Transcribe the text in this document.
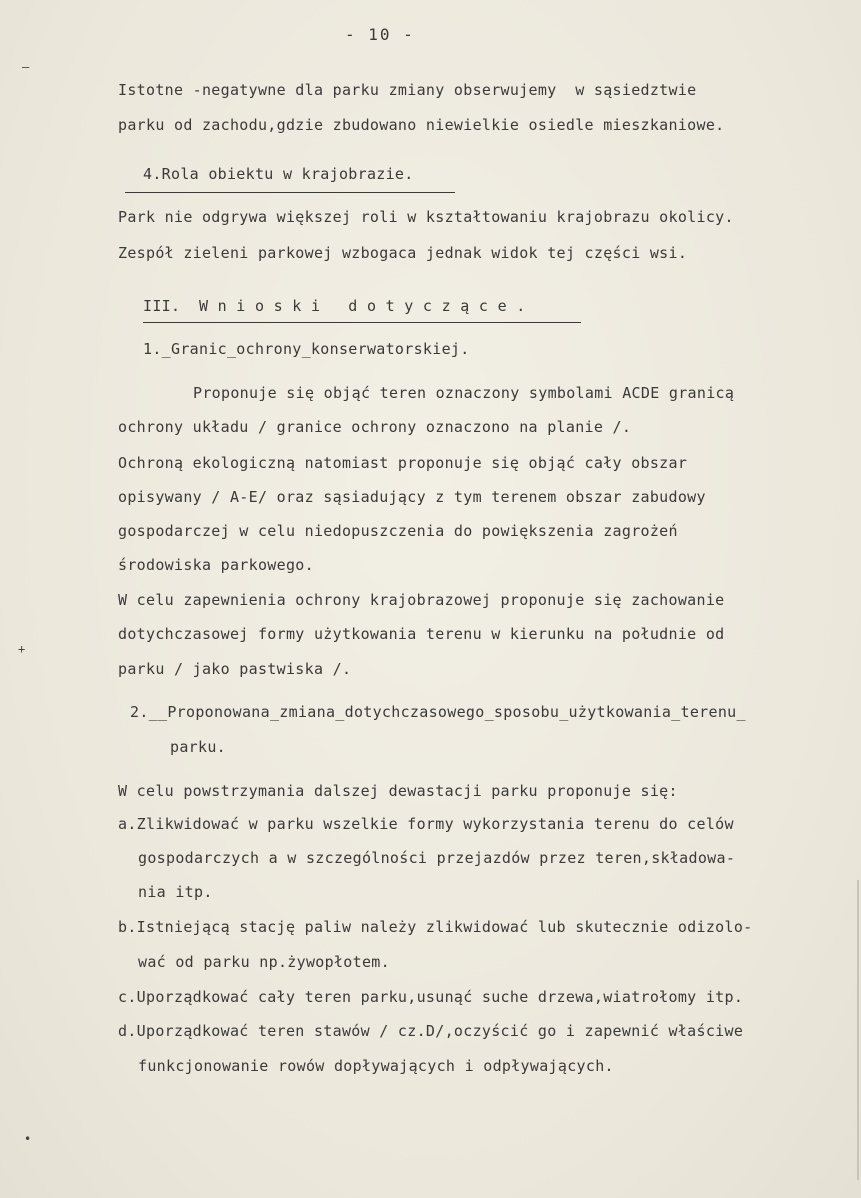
- 10 -
Istotne -negatywne dla parku zmiany obserwujemy  w sąsiedztwie
parku od zachodu,gdzie zbudowano niewielkie osiedle mieszkaniowe.
4.Rola obiektu w krajobrazie.
Park nie odgrywa większej roli w kształtowaniu krajobrazu okolicy.
Zespół zieleni parkowej wzbogaca jednak widok tej części wsi.
III.  W n i o s k i   d o t y c z ą c e .
1._Granic_ochrony_konserwatorskiej.
Proponuje się objąć teren oznaczony symbolami ACDE granicą
ochrony układu / granice ochrony oznaczono na planie /.
Ochroną ekologiczną natomiast proponuje się objąć cały obszar
opisywany / A-E/ oraz sąsiadujący z tym terenem obszar zabudowy
gospodarczej w celu niedopuszczenia do powiększenia zagrożeń
środowiska parkowego.
W celu zapewnienia ochrony krajobrazowej proponuje się zachowanie
dotychczasowej formy użytkowania terenu w kierunku na południe od
parku / jako pastwiska /.
2.__Proponowana_zmiana_dotychczasowego_sposobu_użytkowania_terenu_
parku.
W celu powstrzymania dalszej dewastacji parku proponuje się:
a.Zlikwidować w parku wszelkie formy wykorzystania terenu do celów
gospodarczych a w szczególności przejazdów przez teren,składowa-
nia itp.
b.Istniejącą stację paliw należy zlikwidować lub skutecznie odizolo-
wać od parku np.żywopłotem.
c.Uporządkować cały teren parku,usunąć suche drzewa,wiatrołomy itp.
d.Uporządkować teren stawów / cz.D/,oczyścić go i zapewnić właściwe
funkcjonowanie rowów dopływających i odpływających.
–
+
•
